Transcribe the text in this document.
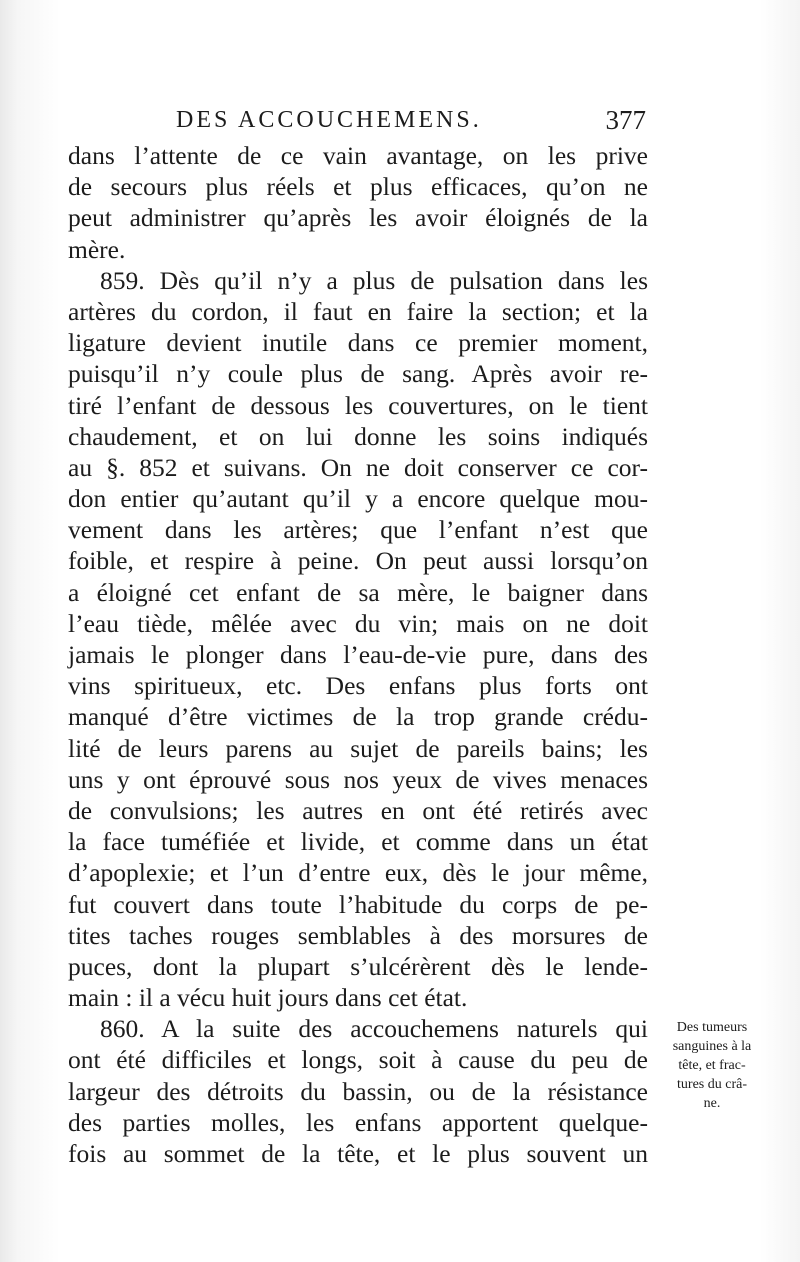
DES ACCOUCHEMENS.	377
dans l’attente de ce vain avantage, on les prive
de secours plus réels et plus efficaces, qu’on ne
peut administrer qu’après les avoir éloignés de la
mère.
859. Dès qu’il n’y a plus de pulsation dans les
artères du cordon, il faut en faire la section; et la
ligature devient inutile dans ce premier moment,
puisqu’il n’y coule plus de sang. Après avoir re-
tiré l’enfant de dessous les couvertures, on le tient
chaudement, et on lui donne les soins indiqués
au §. 852 et suivans. On ne doit conserver ce cor-
don entier qu’autant qu’il y a encore quelque mou-
vement dans les artères; que l’enfant n’est que
foible, et respire à peine. On peut aussi lorsqu’on
a éloigné cet enfant de sa mère, le baigner dans
l’eau tiède, mêlée avec du vin; mais on ne doit
jamais le plonger dans l’eau-de-vie pure, dans des
vins spiritueux, etc. Des enfans plus forts ont
manqué d’être victimes de la trop grande crédu-
lité de leurs parens au sujet de pareils bains; les
uns y ont éprouvé sous nos yeux de vives menaces
de convulsions; les autres en ont été retirés avec
la face tuméfiée et livide, et comme dans un état
d’apoplexie; et l’un d’entre eux, dès le jour même,
fut couvert dans toute l’habitude du corps de pe-
tites taches rouges semblables à des morsures de
puces, dont la plupart s’ulcérèrent dès le lende-
main : il a vécu huit jours dans cet état.
860. A la suite des accouchemens naturels qui
ont été difficiles et longs, soit à cause du peu de
largeur des détroits du bassin, ou de la résistance
des parties molles, les enfans apportent quelque-
fois au sommet de la tête, et le plus souvent un
Des tumeurs
sanguines à la
tête, et frac-
tures du crâ-
ne.
